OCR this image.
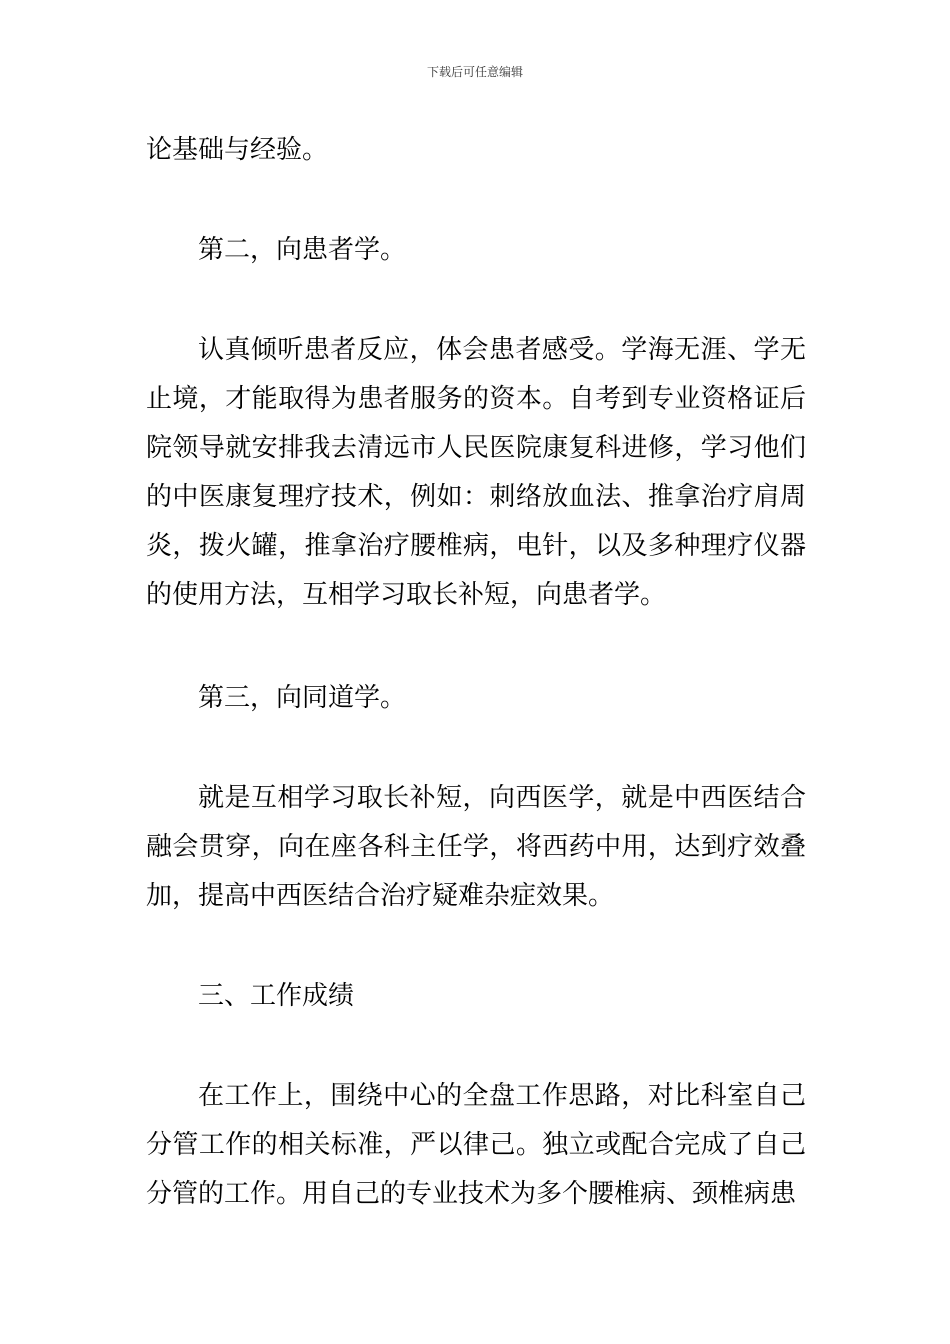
下载后可任意编辑

论基础与经验。

第二，向患者学。

认真倾听患者反应，体会患者感受。学海无涯、学无止境，才能取得为患者服务的资本。自考到专业资格证后院领导就安排我去清远市人民医院康复科进修，学习他们的中医康复理疗技术，例如：刺络放血法、推拿治疗肩周炎，拨火罐，推拿治疗腰椎病，电针，以及多种理疗仪器的使用方法，互相学习取长补短，向患者学。

第三，向同道学。

就是互相学习取长补短，向西医学，就是中西医结合融会贯穿，向在座各科主任学，将西药中用，达到疗效叠加，提高中西医结合治疗疑难杂症效果。

三、工作成绩

在工作上，围绕中心的全盘工作思路，对比科室自己分管工作的相关标准，严以律己。独立或配合完成了自己分管的工作。用自己的专业技术为多个腰椎病、颈椎病患
